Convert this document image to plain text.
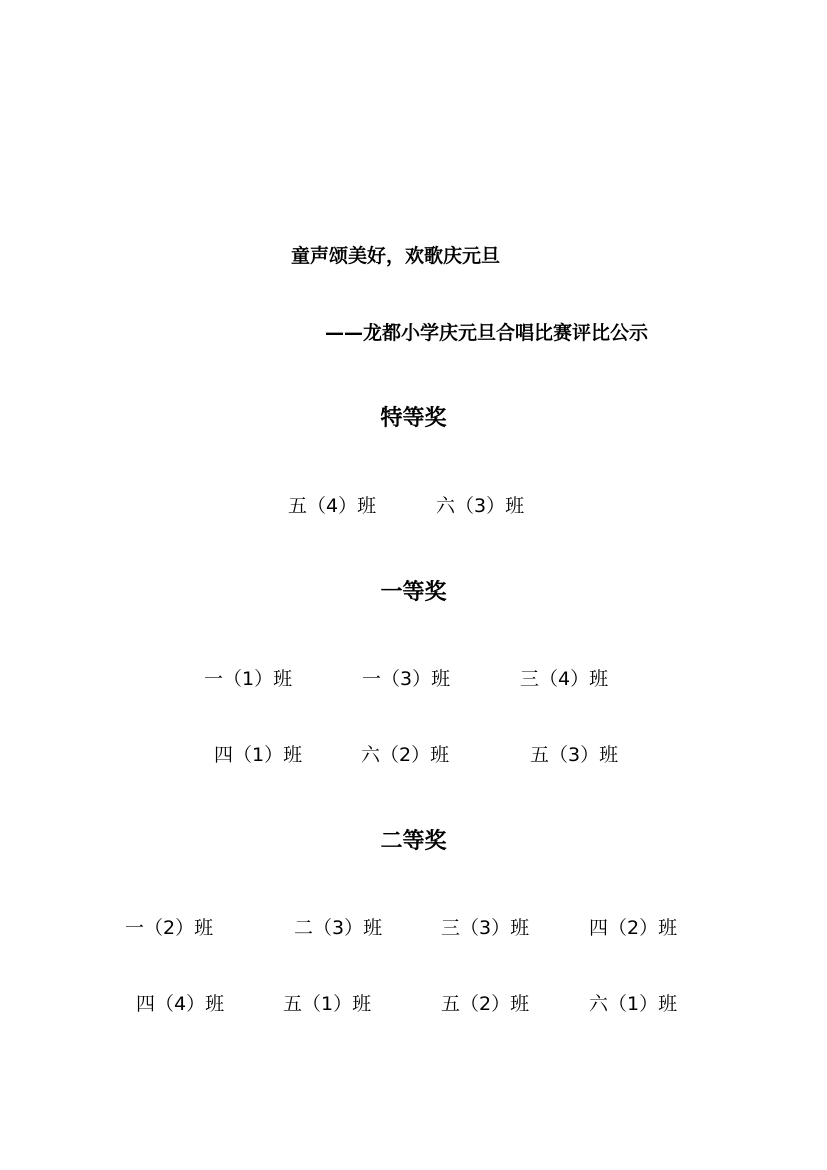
童声颂美好，欢歌庆元旦
——龙都小学庆元旦合唱比赛评比公示
特等奖
五（4）班	六（3）班
一等奖
一（1）班	一（3）班	三（4）班
四（1）班	六（2）班	五（3）班
二等奖
一（2）班	二（3）班	三（3）班	四（2）班
四（4）班	五（1）班	五（2）班	六（1）班
